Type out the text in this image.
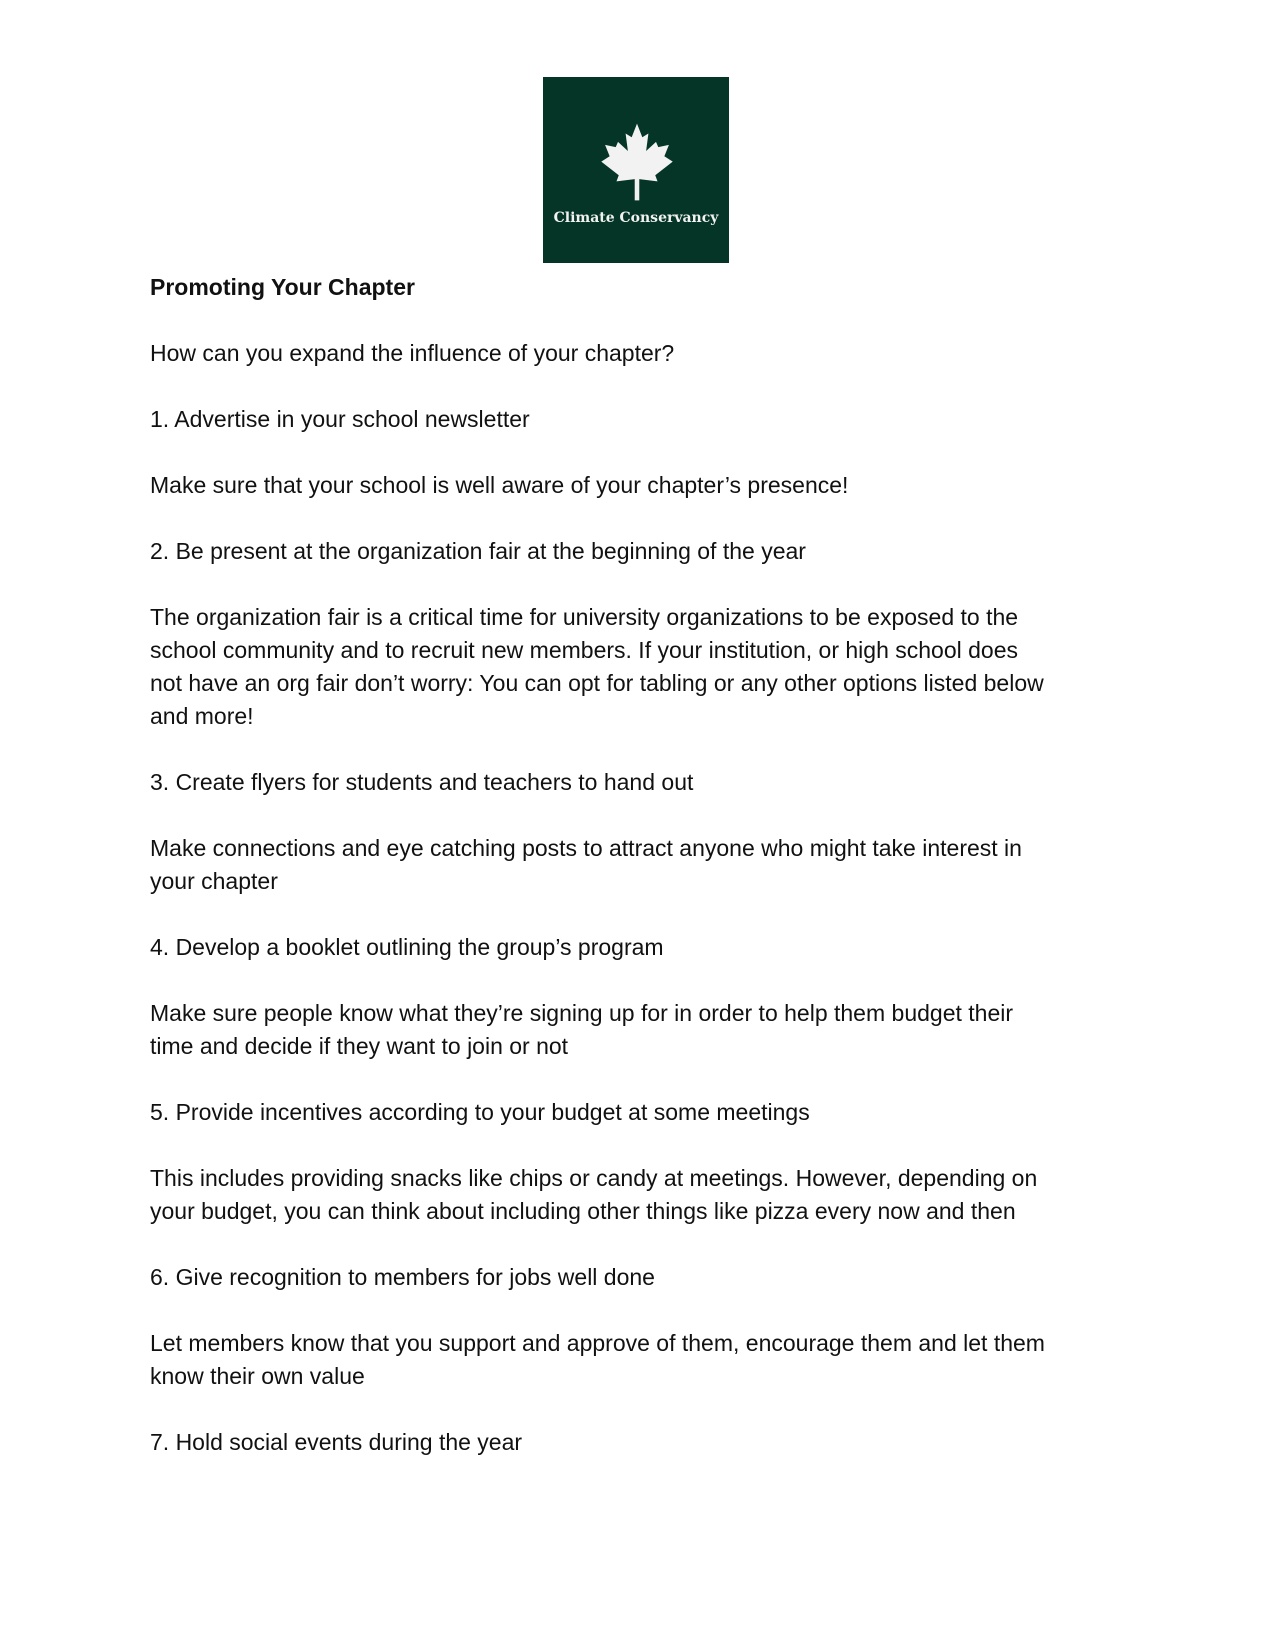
Climate Conservancy
Promoting Your Chapter
How can you expand the influence of your chapter?
1. Advertise in your school newsletter
Make sure that your school is well aware of your chapter’s presence!
2. Be present at the organization fair at the beginning of the year
The organization fair is a critical time for university organizations to be exposed to the
school community and to recruit new members. If your institution, or high school does
not have an org fair don’t worry: You can opt for tabling or any other options listed below
and more!
3. Create flyers for students and teachers to hand out
Make connections and eye catching posts to attract anyone who might take interest in
your chapter
4. Develop a booklet outlining the group’s program
Make sure people know what they’re signing up for in order to help them budget their
time and decide if they want to join or not
5. Provide incentives according to your budget at some meetings
This includes providing snacks like chips or candy at meetings. However, depending on
your budget, you can think about including other things like pizza every now and then
6. Give recognition to members for jobs well done
Let members know that you support and approve of them, encourage them and let them
know their own value
7. Hold social events during the year
